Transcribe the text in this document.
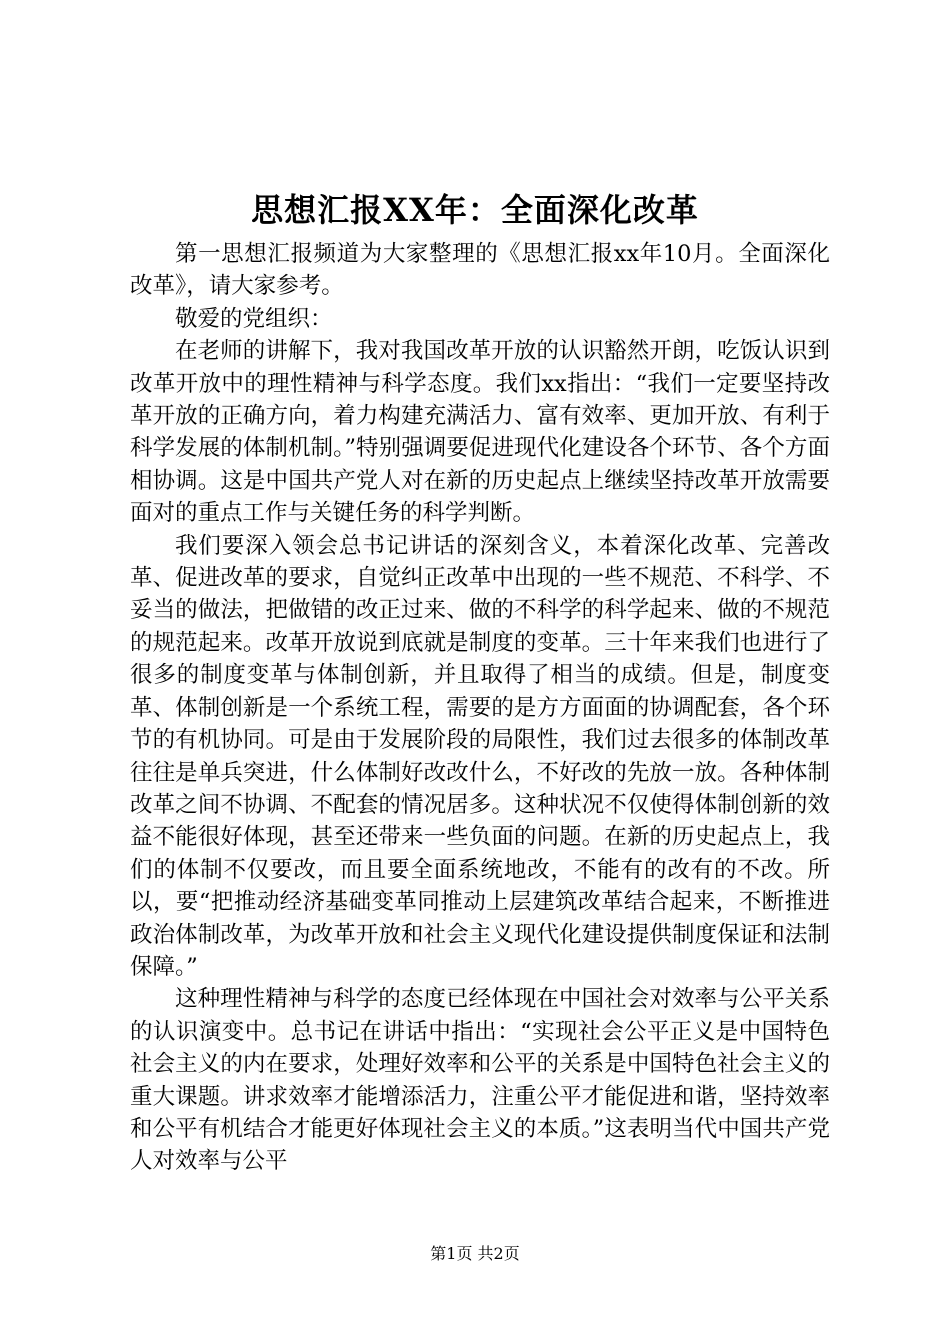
思想汇报XX年：全面深化改革

第一思想汇报频道为大家整理的《思想汇报xx年10月。全面深化改革》，请大家参考。

敬爱的党组织：

在老师的讲解下，我对我国改革开放的认识豁然开朗，吃饭认识到改革开放中的理性精神与科学态度。我们xx指出：“我们一定要坚持改革开放的正确方向，着力构建充满活力、富有效率、更加开放、有利于科学发展的体制机制。”特别强调要促进现代化建设各个环节、各个方面相协调。这是中国共产党人对在新的历史起点上继续坚持改革开放需要面对的重点工作与关键任务的科学判断。

我们要深入领会总书记讲话的深刻含义，本着深化改革、完善改革、促进改革的要求，自觉纠正改革中出现的一些不规范、不科学、不妥当的做法，把做错的改正过来、做的不科学的科学起来、做的不规范的规范起来。改革开放说到底就是制度的变革。三十年来我们也进行了很多的制度变革与体制创新，并且取得了相当的成绩。但是，制度变革、体制创新是一个系统工程，需要的是方方面面的协调配套，各个环节的有机协同。可是由于发展阶段的局限性，我们过去很多的体制改革往往是单兵突进，什么体制好改改什么，不好改的先放一放。各种体制改革之间不协调、不配套的情况居多。这种状况不仅使得体制创新的效益不能很好体现，甚至还带来一些负面的问题。在新的历史起点上，我们的体制不仅要改，而且要全面系统地改，不能有的改有的不改。所以，要“把推动经济基础变革同推动上层建筑改革结合起来，不断推进政治体制改革，为改革开放和社会主义现代化建设提供制度保证和法制保障。”

这种理性精神与科学的态度已经体现在中国社会对效率与公平关系的认识演变中。总书记在讲话中指出：“实现社会公平正义是中国特色社会主义的内在要求，处理好效率和公平的关系是中国特色社会主义的重大课题。讲求效率才能增添活力，注重公平才能促进和谐，坚持效率和公平有机结合才能更好体现社会主义的本质。”这表明当代中国共产党人对效率与公平

第1页 共2页
